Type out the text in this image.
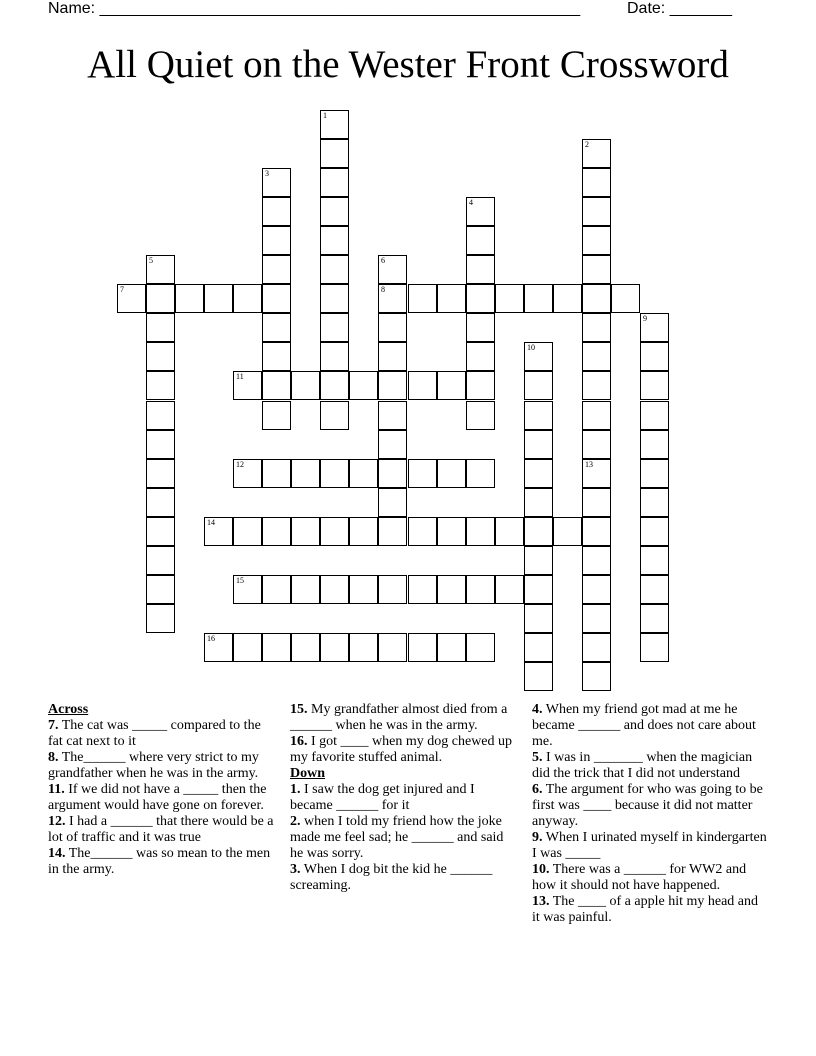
Name: ______________________________________________________	Date: _______
All Quiet on the Wester Front Crossword
1
2
13
3
4
5	6
8
7
9
10
11
12
14
15
16
Across
7. The cat was _____ compared to the fat cat next to it
8. The______ where very strict to my grandfather when he was in the army.
11. If we did not have a _____ then the argument would have gone on forever.
12. I had a ______ that there would be a lot of traffic and it was true
14. The______ was so mean to the men in the army.
15. My grandfather almost died from a ______ when he was in the army.
16. I got ____ when my dog chewed up my favorite stuffed animal.
Down
1. I saw the dog get injured and I became ______ for it
2. when I told my friend how the joke made me feel sad; he ______ and said he was sorry.
3. When I dog bit the kid he ______ screaming.
4. When my friend got mad at me he became ______ and does not care about me.
5. I was in _______ when the magician did the trick that I did not understand
6. The argument for who was going to be first was ____ because it did not matter anyway.
9. When I urinated myself in kindergarten I was _____
10. There was a ______ for WW2 and how it should not have happened.
13. The ____ of a apple hit my head and it was painful.
